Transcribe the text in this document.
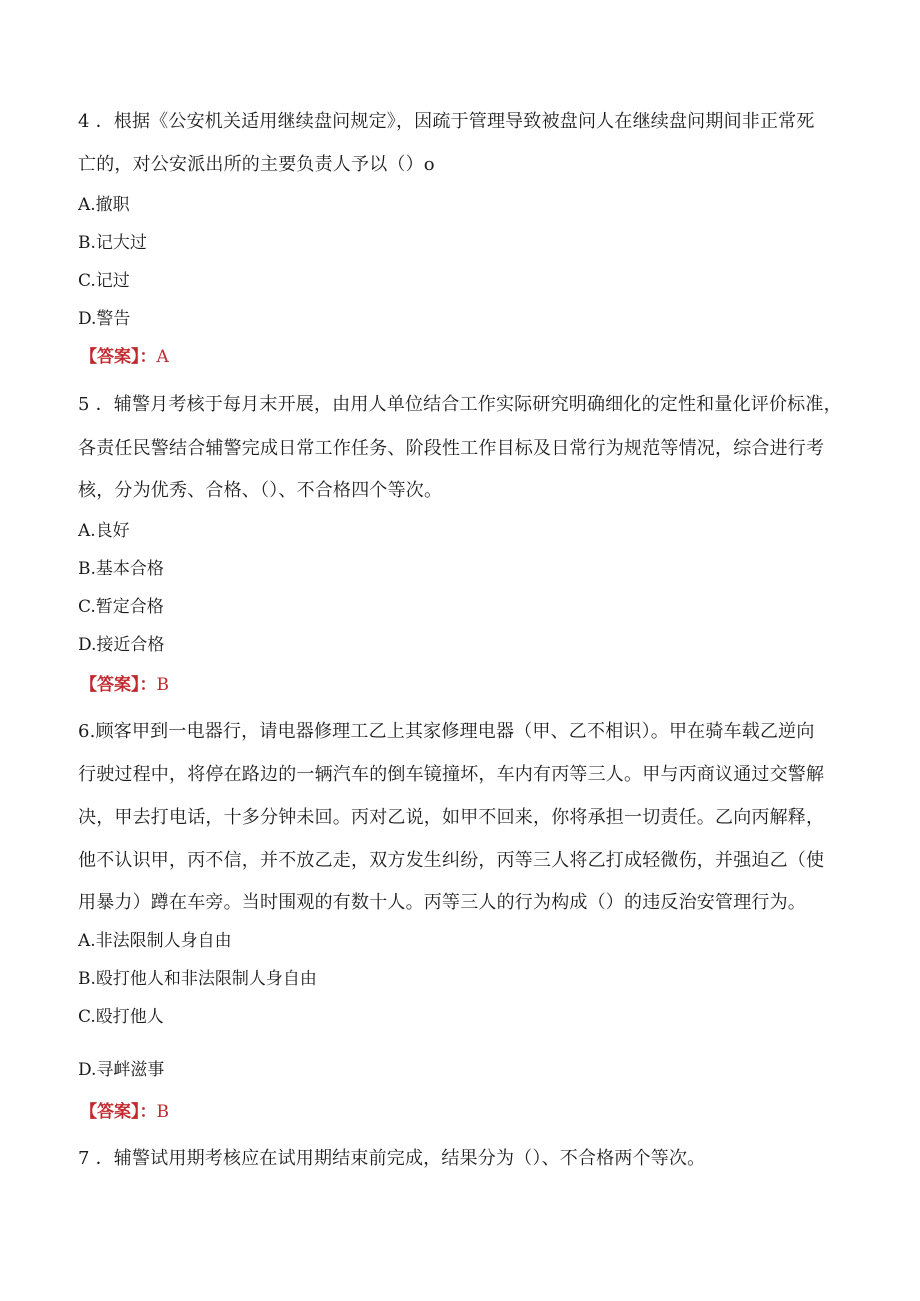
4 ．根据《公安机关适用继续盘问规定》，因疏于管理导致被盘问人在继续盘问期间非正常死
亡的，对公安派出所的主要负责人予以（）o
A.撤职
B.记大过
C.记过
D.警告
【答案】：A
5 ．辅警月考核于每月末开展，由用人单位结合工作实际研究明确细化的定性和量化评价标准，
各责任民警结合辅警完成日常工作任务、阶段性工作目标及日常行为规范等情况，综合进行考
核，分为优秀、合格、（）、不合格四个等次。
A.良好
B.基本合格
C.暂定合格
D.接近合格
【答案】：B
6.顾客甲到一电器行，请电器修理工乙上其家修理电器（甲、乙不相识）。甲在骑车载乙逆向
行驶过程中，将停在路边的一辆汽车的倒车镜撞坏，车内有丙等三人。甲与丙商议通过交警解
决，甲去打电话，十多分钟未回。丙对乙说，如甲不回来，你将承担一切责任。乙向丙解释，
他不认识甲，丙不信，并不放乙走，双方发生纠纷，丙等三人将乙打成轻微伤，并强迫乙（使
用暴力）蹲在车旁。当时围观的有数十人。丙等三人的行为构成（）的违反治安管理行为。
A.非法限制人身自由
B.殴打他人和非法限制人身自由
C.殴打他人
D.寻衅滋事
【答案】：B
7 ．辅警试用期考核应在试用期结束前完成，结果分为（）、不合格两个等次。
